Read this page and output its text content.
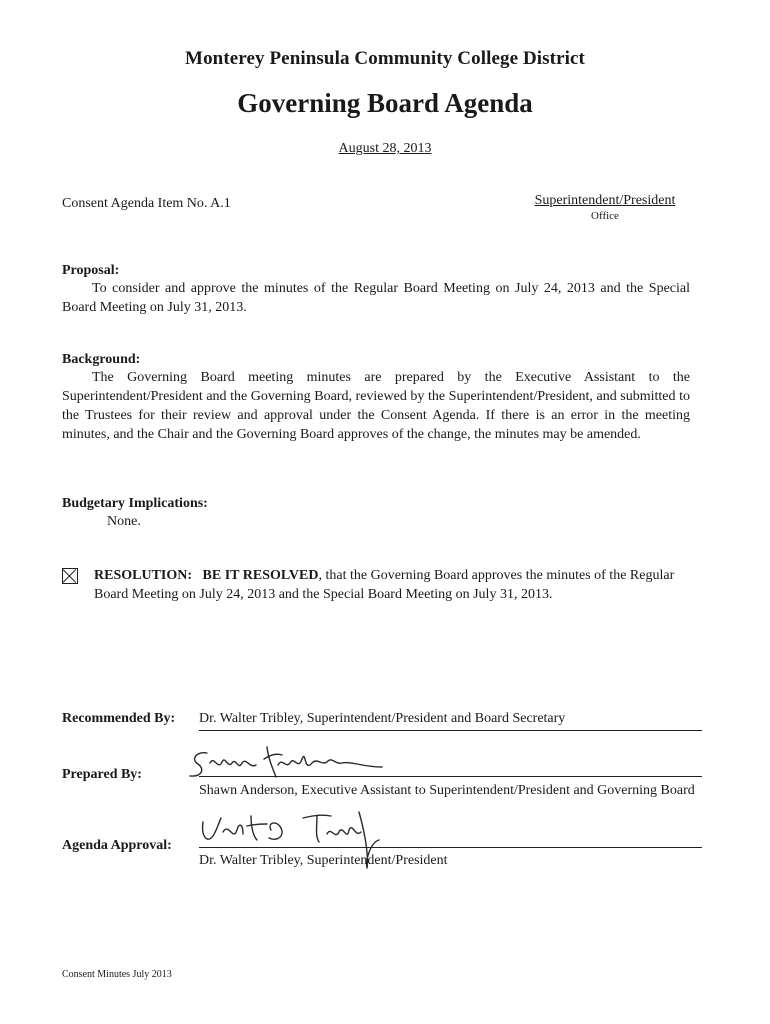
Monterey Peninsula Community College District
Governing Board Agenda
August 28, 2013
Consent Agenda Item No. A.1	Superintendent/President
Office
Proposal:
To consider and approve the minutes of the Regular Board Meeting on July 24, 2013 and the Special Board Meeting on July 31, 2013.
Background:
The Governing Board meeting minutes are prepared by the Executive Assistant to the Superintendent/President and the Governing Board, reviewed by the Superintendent/President, and submitted to the Trustees for their review and approval under the Consent Agenda. If there is an error in the meeting minutes, and the Chair and the Governing Board approves of the change, the minutes may be amended.
Budgetary Implications:
None.
RESOLUTION: BE IT RESOLVED, that the Governing Board approves the minutes of the Regular Board Meeting on July 24, 2013 and the Special Board Meeting on July 31, 2013.
Recommended By: Dr. Walter Tribley, Superintendent/President and Board Secretary
Prepared By:
Shawn Anderson, Executive Assistant to Superintendent/President and Governing Board
Agenda Approval:
Dr. Walter Tribley, Superintendent/President
Consent Minutes July 2013
